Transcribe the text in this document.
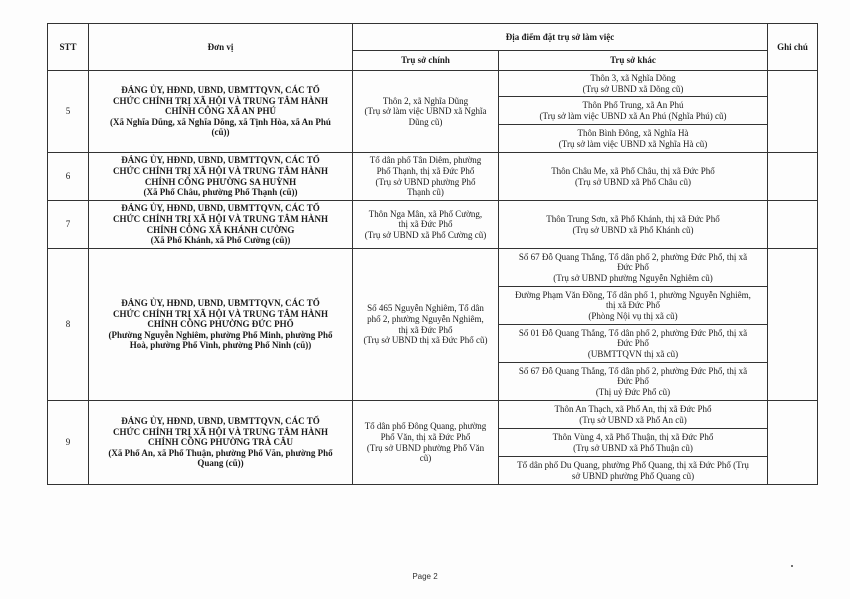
STT	Đơn vị	Địa điểm đặt trụ sở làm việc		Ghi chú
		Trụ sở chính	Trụ sở khác	
5	ĐẢNG ỦY, HĐND, UBND, UBMTTQVN, CÁC TỔ
CHỨC CHÍNH TRỊ XÃ HỘI VÀ TRUNG TÂM HÀNH
CHÍNH CÔNG XÃ AN PHÚ
(Xã Nghĩa Dũng, xã Nghĩa Dõng, xã Tịnh Hòa, xã An Phú
(cũ))	Thôn 2, xã Nghĩa Dũng
(Trụ sở làm việc UBND xã Nghĩa
Dũng cũ)	Thôn 3, xã Nghĩa Dõng
(Trụ sở UBND xã Dõng cũ)	

			Thôn Phổ Trung, xã An Phú
(Trụ sở làm việc UBND xã An Phú (Nghĩa Phú) cũ)	

			Thôn Bình Đông, xã Nghĩa Hà
(Trụ sở làm việc UBND xã Nghĩa Hà cũ)	

6	ĐẢNG ỦY, HĐND, UBND, UBMTTQVN, CÁC TỔ
CHỨC CHÍNH TRỊ XÃ HỘI VÀ TRUNG TÂM HÀNH
CHÍNH CÔNG PHƯỜNG SA HUỲNH
(Xã Phổ Châu, phường Phổ Thạnh (cũ))	Tổ dân phố Tân Diêm, phường
Phổ Thạnh, thị xã Đức Phổ
(Trụ sở UBND phường Phổ
Thạnh cũ)	Thôn Châu Me, xã Phổ Châu, thị xã Đức Phổ
(Trụ sở UBND xã Phổ Châu cũ)	

7	ĐẢNG ỦY, HĐND, UBND, UBMTTQVN, CÁC TỔ
CHỨC CHÍNH TRỊ XÃ HỘI VÀ TRUNG TÂM HÀNH
CHÍNH CÔNG XÃ KHÁNH CƯỜNG
(Xã Phổ Khánh, xã Phổ Cường (cũ))	Thôn Nga Mân, xã Phổ Cường,
thị xã Đức Phổ
(Trụ sở UBND xã Phổ Cường cũ)	Thôn Trung Sơn, xã Phổ Khánh, thị xã Đức Phổ
(Trụ sở UBND xã Phổ Khánh cũ)	

8	ĐẢNG ỦY, HĐND, UBND, UBMTTQVN, CÁC TỔ
CHỨC CHÍNH TRỊ XÃ HỘI VÀ TRUNG TÂM HÀNH
CHÍNH CÔNG PHƯỜNG ĐỨC PHỔ
(Phường Nguyễn Nghiêm, phường Phổ Minh, phường Phổ
Hoà, phường Phổ Vinh, phường Phổ Ninh (cũ))	Số 465 Nguyễn Nghiêm, Tổ dân
phố 2, phường Nguyễn Nghiêm,
thị xã Đức Phổ
(Trụ sở UBND thị xã Đức Phổ cũ)	Số 67 Đỗ Quang Thắng, Tổ dân phố 2, phường Đức Phổ, thị xã
Đức Phổ
(Trụ sở UBND phường Nguyễn Nghiêm cũ)	

			Đường Phạm Văn Đồng, Tổ dân phố 1, phường Nguyễn Nghiêm,
thị xã Đức Phổ
(Phòng Nội vụ thị xã cũ)	

			Số 01 Đỗ Quang Thắng, Tổ dân phố 2, phường Đức Phổ, thị xã
Đức Phổ
(UBMTTQVN thị xã cũ)	

			Số 67 Đỗ Quang Thắng, Tổ dân phố 2, phường Đức Phổ, thị xã
Đức Phổ
(Thị uỷ Đức Phổ cũ)	

9	ĐẢNG ỦY, HĐND, UBND, UBMTTQVN, CÁC TỔ
CHỨC CHÍNH TRỊ XÃ HỘI VÀ TRUNG TÂM HÀNH
CHÍNH CÔNG PHƯỜNG TRÀ CÂU
(Xã Phổ An, xã Phổ Thuận, phường Phổ Văn, phường Phổ
Quang (cũ))	Tổ dân phố Đông Quang, phường
Phổ Văn, thị xã Đức Phổ
(Trụ sở UBND phường Phổ Văn
cũ)	Thôn An Thạch, xã Phổ An, thị xã Đức Phổ
(Trụ sở UBND xã Phổ An cũ)	

			Thôn Vùng 4, xã Phổ Thuận, thị xã Đức Phổ
(Trụ sở UBND xã Phổ Thuận cũ)	

			Tổ dân phố Du Quang, phường Phổ Quang, thị xã Đức Phổ (Trụ
sở UBND phường Phổ Quang cũ)	
Page 2
